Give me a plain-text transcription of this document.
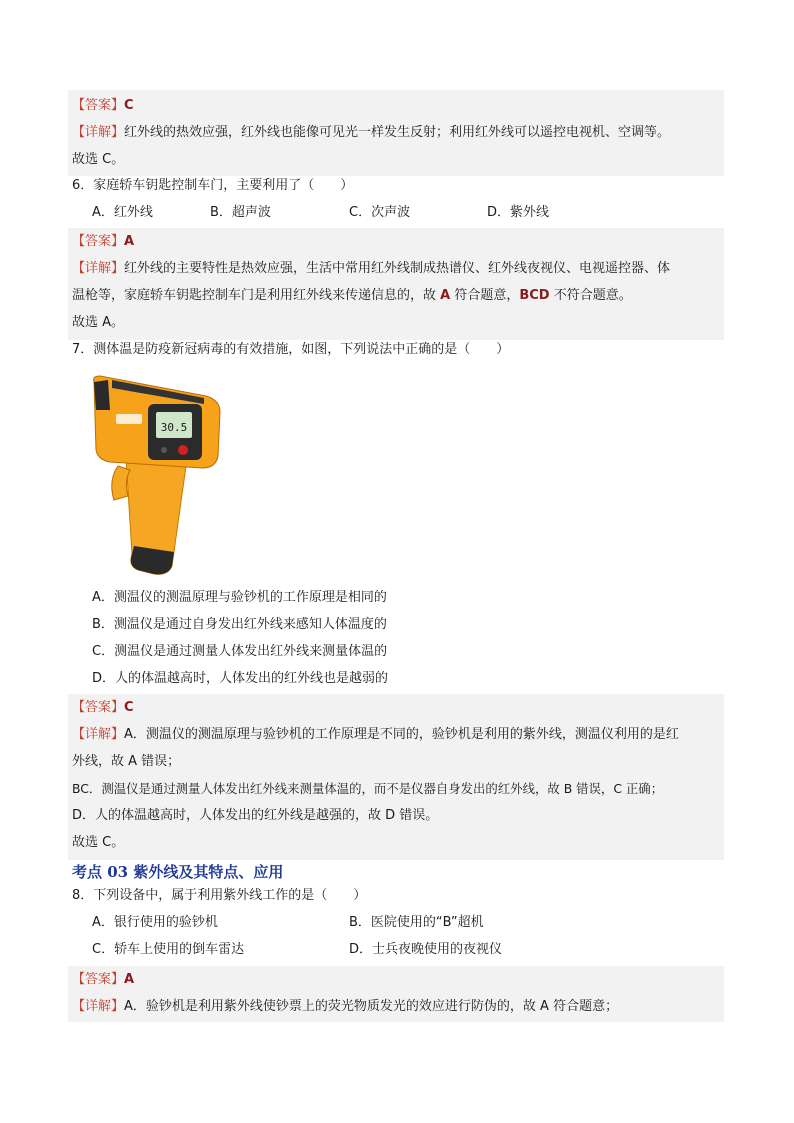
【答案】C
【详解】红外线的热效应强，红外线也能像可见光一样发生反射；利用红外线可以遥控电视机、空调等。
故选 C。
6．家庭轿车钥匙控制车门，主要利用了（　　）
A．红外线	B．超声波	C．次声波	D．紫外线
【答案】A
【详解】红外线的主要特性是热效应强，生活中常用红外线制成热谱仪、红外线夜视仪、电视遥控器、体
温枪等，家庭轿车钥匙控制车门是利用红外线来传递信息的，故 A 符合题意，BCD 不符合题意。
故选 A。
7．测体温是防疫新冠病毒的有效措施，如图，下列说法中正确的是（　　）
30.5
A．测温仪的测温原理与验钞机的工作原理是相同的
B．测温仪是通过自身发出红外线来感知人体温度的
C．测温仪是通过测量人体发出红外线来测量体温的
D．人的体温越高时，人体发出的红外线也是越弱的
【答案】C
【详解】A．测温仪的测温原理与验钞机的工作原理是不同的，验钞机是利用的紫外线，测温仪利用的是红
外线，故 A 错误；
BC．测温仪是通过测量人体发出红外线来测量体温的，而不是仪器自身发出的红外线，故 B 错误，C 正确；
D．人的体温越高时，人体发出的红外线是越强的，故 D 错误。
故选 C。
考点 03 紫外线及其特点、应用
8．下列设备中，属于利用紫外线工作的是（　　）
A．银行使用的验钞机	B．医院使用的“B”超机
C．轿车上使用的倒车雷达	D．士兵夜晚使用的夜视仪
【答案】A
【详解】A．验钞机是利用紫外线使钞票上的荧光物质发光的效应进行防伪的，故 A 符合题意；
